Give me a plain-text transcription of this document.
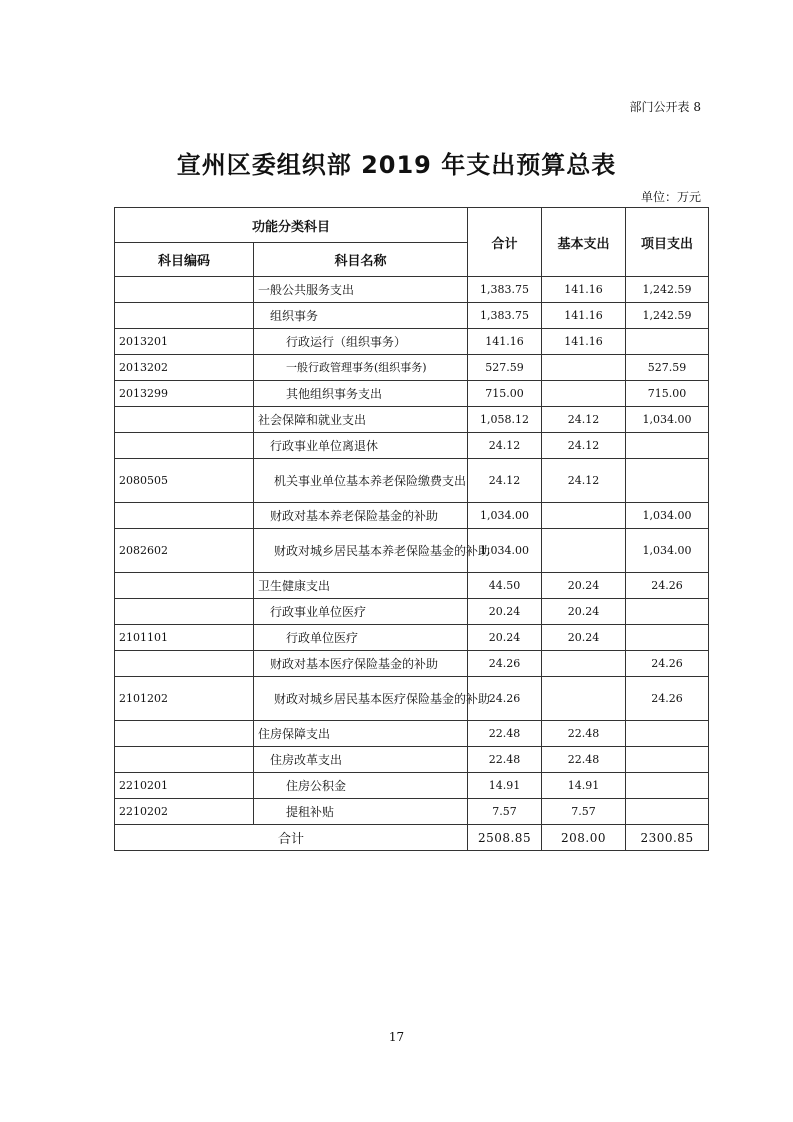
部门公开表 8
宣州区委组织部 2019 年支出预算总表
单位：万元
功能分类科目		合计	基本支出	项目支出
科目编码	科目名称			
	一般公共服务支出	1,383.75	141.16	1,242.59
	组织事务	1,383.75	141.16	1,242.59
2013201	行政运行（组织事务）	141.16	141.16	
2013202	一般行政管理事务(组织事务)	527.59		527.59
2013299	其他组织事务支出	715.00		715.00
	社会保障和就业支出	1,058.12	24.12	1,034.00
	行政事业单位离退休	24.12	24.12	
2080505	机关事业单位基本养老保险缴费支出	24.12	24.12	
	财政对基本养老保险基金的补助	1,034.00		1,034.00
2082602	财政对城乡居民基本养老保险基金的补助	1,034.00		1,034.00
	卫生健康支出	44.50	20.24	24.26
	行政事业单位医疗	20.24	20.24	
2101101	行政单位医疗	20.24	20.24	
	财政对基本医疗保险基金的补助	24.26		24.26
2101202	财政对城乡居民基本医疗保险基金的补助	24.26		24.26
	住房保障支出	22.48	22.48	
	住房改革支出	22.48	22.48	
2210201	住房公积金	14.91	14.91	
2210202	提租补贴	7.57	7.57	
合计		2508.85	208.00	2300.85
17
